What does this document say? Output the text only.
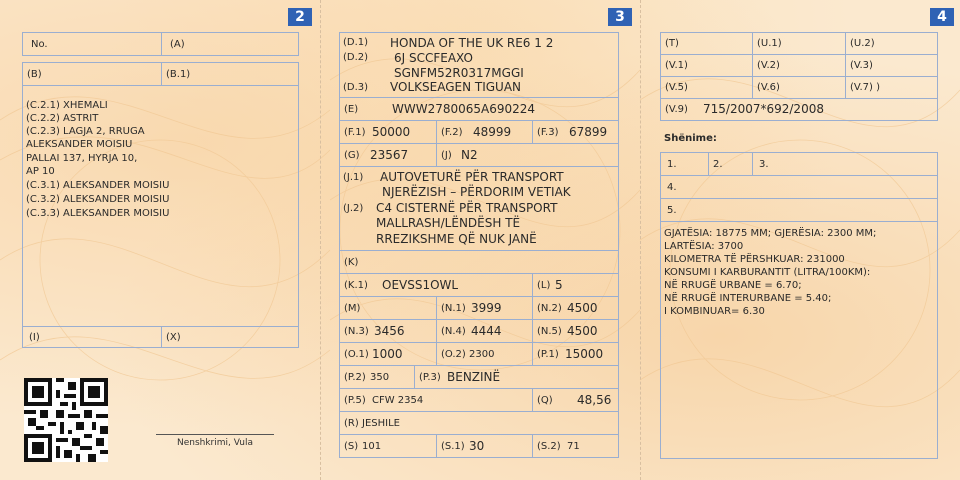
2	3	4
No.	(A)
(B)	(B.1)
(C.2.1) XHEMALI
(C.2.2) ASTRIT
(C.2.3) LAGJA 2, RRUGA
ALEKSANDER MOISIU
PALLAI 137, HYRJA 10,
AP 10
(C.3.1) ALEKSANDER MOISIU
(C.3.2) ALEKSANDER MOISIU
(C.3.3) ALEKSANDER MOISIU
(I)	(X)
Nenshkrimi, Vula
(D.1) HONDA OF THE UK RE6 1 2
(D.2) 6J SCCFEAXO
SGNFM52R0317MGGI
(D.3) VOLKSEAGEN TIGUAN
(E)	WWW2780065A690224
(F.1) 50000	(F.2) 48999	(F.3) 67899
(G) 23567	(J) N2
(J.1) AUTOVETURË PËR TRANSPORT
NJERËZISH – PËRDORIM VETIAK
(J.2) C4 CISTERNË PËR TRANSPORT
MALLRASH/LËNDËSH TË
RREZIKSHME QË NUK JANË
(K)
(K.1) OEVSS1OWL	(L) 5
(M)	(N.1) 3999	(N.2) 4500
(N.3) 3456	(N.4) 4444	(N.5) 4500
(O.1) 1000	(O.2) 2300	(P.1) 15000
(P.2) 350	(P.3) BENZINË
(P.5) CFW 2354	(Q) 48,56
(R) JESHILE
(S) 101	(S.1) 30	(S.2) 71
(T)	(U.1)	(U.2)
(V.1)	(V.2)	(V.3)
(V.5)	(V.6)	(V.7) )
(V.9) 715/2007*692/2008
Shënime:
1.	2.	3.
4.
5.
GJATËSIA: 18775 MM; GJERËSIA: 2300 MM;
LARTËSIA: 3700
KILOMETRA TË PËRSHKUAR: 231000
KONSUMI I KARBURANTIT (LITRA/100KM):
NË RRUGË URBANE = 6.70;
NË RRUGË INTERURBANE = 5.40;
I KOMBINUAR= 6.30
